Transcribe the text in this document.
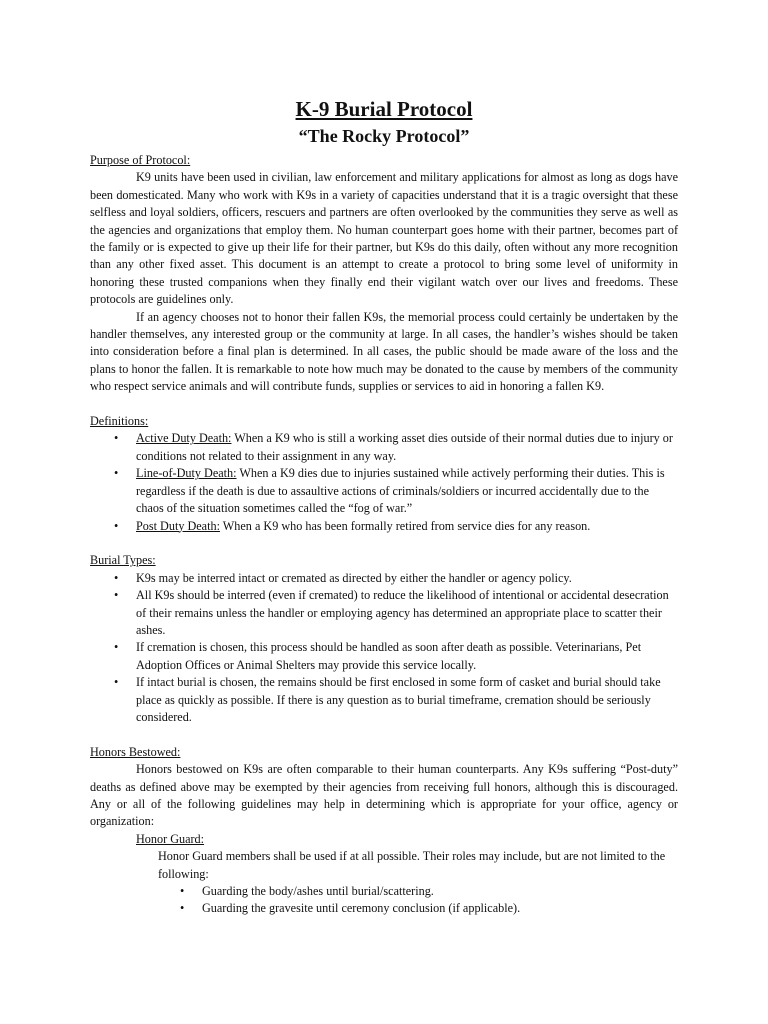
K-9 Burial Protocol
“The Rocky Protocol”

Purpose of Protocol:

K9 units have been used in civilian, law enforcement and military applications for almost as long as dogs have been domesticated. Many who work with K9s in a variety of capacities understand that it is a tragic oversight that these selfless and loyal soldiers, officers, rescuers and partners are often overlooked by the communities they serve as well as the agencies and organizations that employ them. No human counterpart goes home with their partner, becomes part of the family or is expected to give up their life for their partner, but K9s do this daily, often without any more recognition than any other fixed asset. This document is an attempt to create a protocol to bring some level of uniformity in honoring these trusted companions when they finally end their vigilant watch over our lives and freedoms. These protocols are guidelines only.

If an agency chooses not to honor their fallen K9s, the memorial process could certainly be undertaken by the handler themselves, any interested group or the community at large. In all cases, the handler’s wishes should be taken into consideration before a final plan is determined. In all cases, the public should be made aware of the loss and the plans to honor the fallen. It is remarkable to note how much may be donated to the cause by members of the community who respect service animals and will contribute funds, supplies or services to aid in honoring a fallen K9.

Definitions:

• Active Duty Death: When a K9 who is still a working asset dies outside of their normal duties due to injury or conditions not related to their assignment in any way.
• Line-of-Duty Death: When a K9 dies due to injuries sustained while actively performing their duties. This is regardless if the death is due to assaultive actions of criminals/soldiers or incurred accidentally due to the chaos of the situation sometimes called the “fog of war.”
• Post Duty Death: When a K9 who has been formally retired from service dies for any reason.

Burial Types:

• K9s may be interred intact or cremated as directed by either the handler or agency policy.
• All K9s should be interred (even if cremated) to reduce the likelihood of intentional or accidental desecration of their remains unless the handler or employing agency has determined an appropriate place to scatter their ashes.
• If cremation is chosen, this process should be handled as soon after death as possible. Veterinarians, Pet Adoption Offices or Animal Shelters may provide this service locally.
• If intact burial is chosen, the remains should be first enclosed in some form of casket and burial should take place as quickly as possible. If there is any question as to burial timeframe, cremation should be seriously considered.

Honors Bestowed:

Honors bestowed on K9s are often comparable to their human counterparts. Any K9s suffering “Post-duty” deaths as defined above may be exempted by their agencies from receiving full honors, although this is discouraged. Any or all of the following guidelines may help in determining which is appropriate for your office, agency or organization:

Honor Guard:

Honor Guard members shall be used if at all possible. Their roles may include, but are not limited to the following:

• Guarding the body/ashes until burial/scattering.
• Guarding the gravesite until ceremony conclusion (if applicable).
